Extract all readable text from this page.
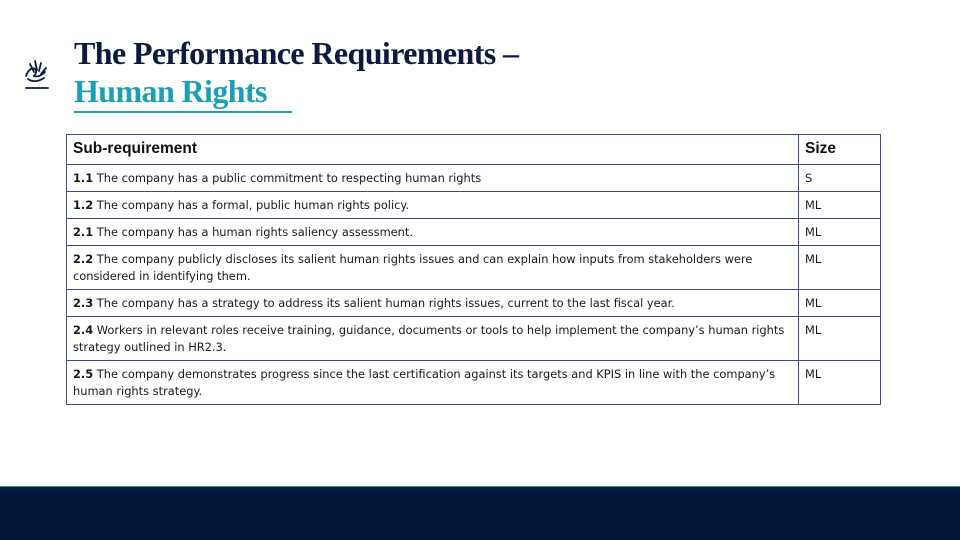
The Performance Requirements –
Human Rights
Sub-requirement	Size
1.1 The company has a public commitment to respecting human rights	S
1.2 The company has a formal, public human rights policy.	ML
2.1 The company has a human rights saliency assessment.	ML
2.2 The company publicly discloses its salient human rights issues and can explain how inputs from stakeholders were considered in identifying them.	ML
2.3 The company has a strategy to address its salient human rights issues, current to the last fiscal year.	ML
2.4 Workers in relevant roles receive training, guidance, documents or tools to help implement the company’s human rights strategy outlined in HR2.3.	ML
2.5 The company demonstrates progress since the last certification against its targets and KPIS in line with the company’s human rights strategy.	ML
